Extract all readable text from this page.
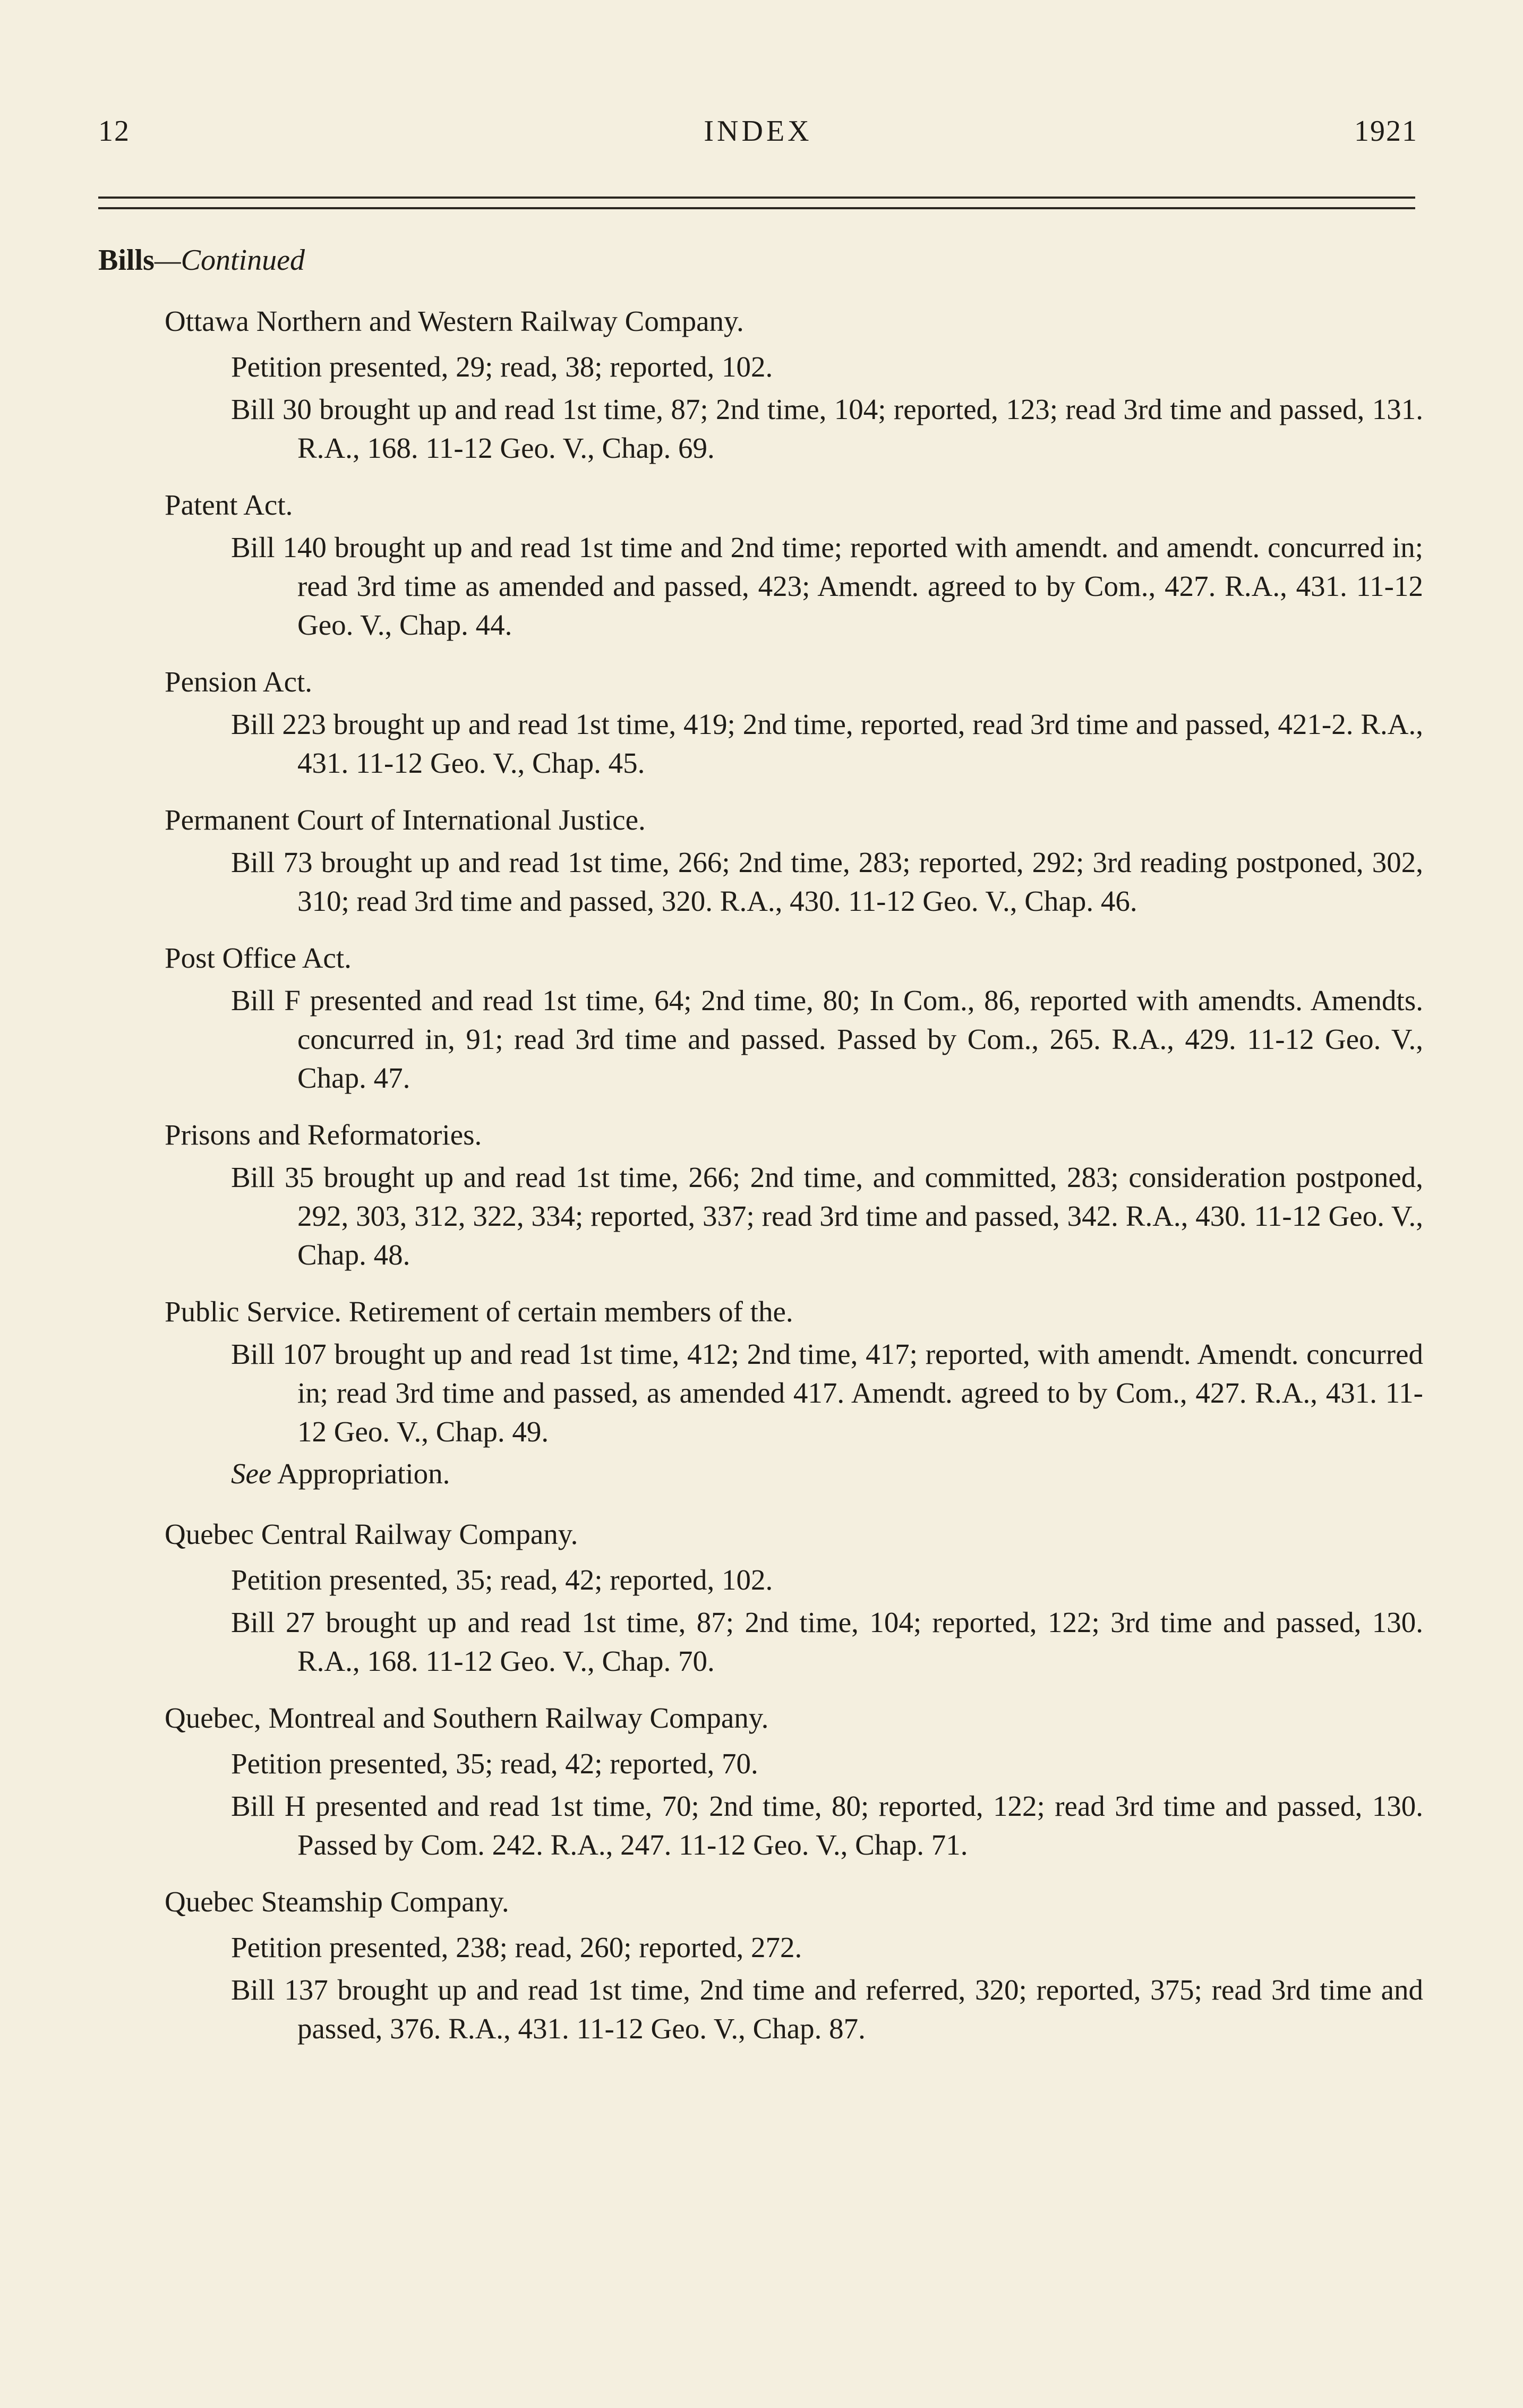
12	INDEX	1921
Bills—Continued
Ottawa Northern and Western Railway Company.
Petition presented, 29; read, 38; reported, 102.
Bill 30 brought up and read 1st time, 87; 2nd time, 104; reported, 123; read 3rd time and passed, 131. R.A., 168. 11-12 Geo. V., Chap. 69.
Patent Act.
Bill 140 brought up and read 1st time and 2nd time; reported with amendt. and amendt. concurred in; read 3rd time as amended and passed, 423; Amendt. agreed to by Com., 427. R.A., 431. 11-12 Geo. V., Chap. 44.
Pension Act.
Bill 223 brought up and read 1st time, 419; 2nd time, reported, read 3rd time and passed, 421-2. R.A., 431. 11-12 Geo. V., Chap. 45.
Permanent Court of International Justice.
Bill 73 brought up and read 1st time, 266; 2nd time, 283; reported, 292; 3rd reading postponed, 302, 310; read 3rd time and passed, 320. R.A., 430. 11-12 Geo. V., Chap. 46.
Post Office Act.
Bill F presented and read 1st time, 64; 2nd time, 80; In Com., 86, reported with amendts. Amendts. concurred in, 91; read 3rd time and passed. Passed by Com., 265. R.A., 429. 11-12 Geo. V., Chap. 47.
Prisons and Reformatories.
Bill 35 brought up and read 1st time, 266; 2nd time, and committed, 283; consideration postponed, 292, 303, 312, 322, 334; reported, 337; read 3rd time and passed, 342. R.A., 430. 11-12 Geo. V., Chap. 48.
Public Service. Retirement of certain members of the.
Bill 107 brought up and read 1st time, 412; 2nd time, 417; reported, with amendt. Amendt. concurred in; read 3rd time and passed, as amended 417. Amendt. agreed to by Com., 427. R.A., 431. 11-12 Geo. V., Chap. 49.
See Appropriation.
Quebec Central Railway Company.
Petition presented, 35; read, 42; reported, 102.
Bill 27 brought up and read 1st time, 87; 2nd time, 104; reported, 122; 3rd time and passed, 130. R.A., 168. 11-12 Geo. V., Chap. 70.
Quebec, Montreal and Southern Railway Company.
Petition presented, 35; read, 42; reported, 70.
Bill H presented and read 1st time, 70; 2nd time, 80; reported, 122; read 3rd time and passed, 130. Passed by Com. 242. R.A., 247. 11-12 Geo. V., Chap. 71.
Quebec Steamship Company.
Petition presented, 238; read, 260; reported, 272.
Bill 137 brought up and read 1st time, 2nd time and referred, 320; reported, 375; read 3rd time and passed, 376. R.A., 431. 11-12 Geo. V., Chap. 87.
